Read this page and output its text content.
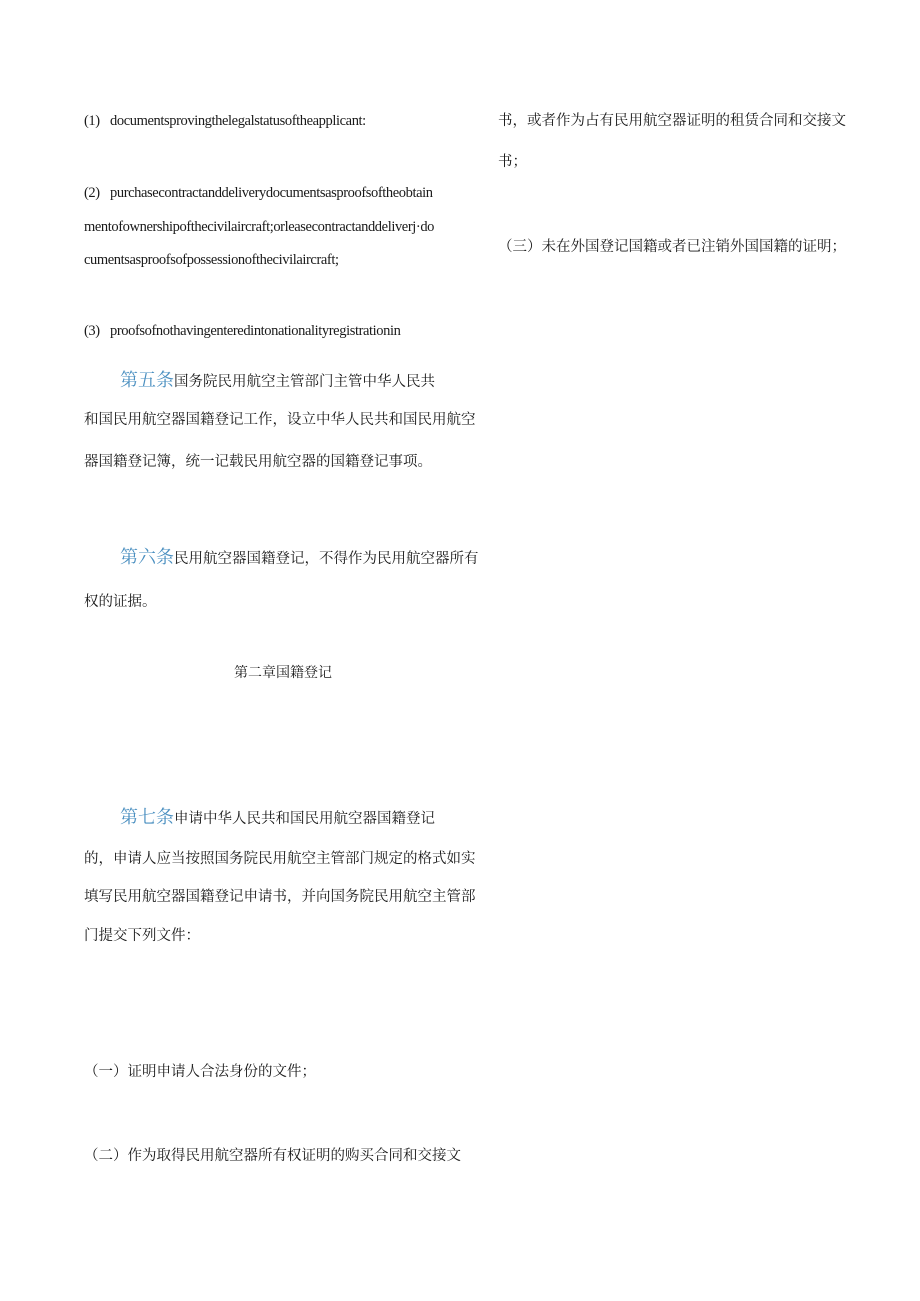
(1) documentsprovingthelegalstatusoftheapplicant:
(2) purchasecontractanddeliverydocumentsasproofsoftheobtain
mentofownershipofthecivilaircraft;orleasecontractanddeliverj·do
cumentsasproofsofpossessionofthecivilaircraft;
(3) proofsofnothavingenteredintonationalityregistrationin
第五条国务院民用航空主管部门主管中华人民共
和国民用航空器国籍登记工作，设立中华人民共和国民用航空
器国籍登记簿，统一记载民用航空器的国籍登记事项。
第六条民用航空器国籍登记，不得作为民用航空器所有
权的证据。
第二章国籍登记
第七条申请中华人民共和国民用航空器国籍登记
的，申请人应当按照国务院民用航空主管部门规定的格式如实
填写民用航空器国籍登记申请书，并向国务院民用航空主管部
门提交下列文件：
（一）证明申请人合法身份的文件；
（二）作为取得民用航空器所有权证明的购买合同和交接文
书，或者作为占有民用航空器证明的租赁合同和交接文
书；
（三）未在外国登记国籍或者已注销外国国籍的证明；
